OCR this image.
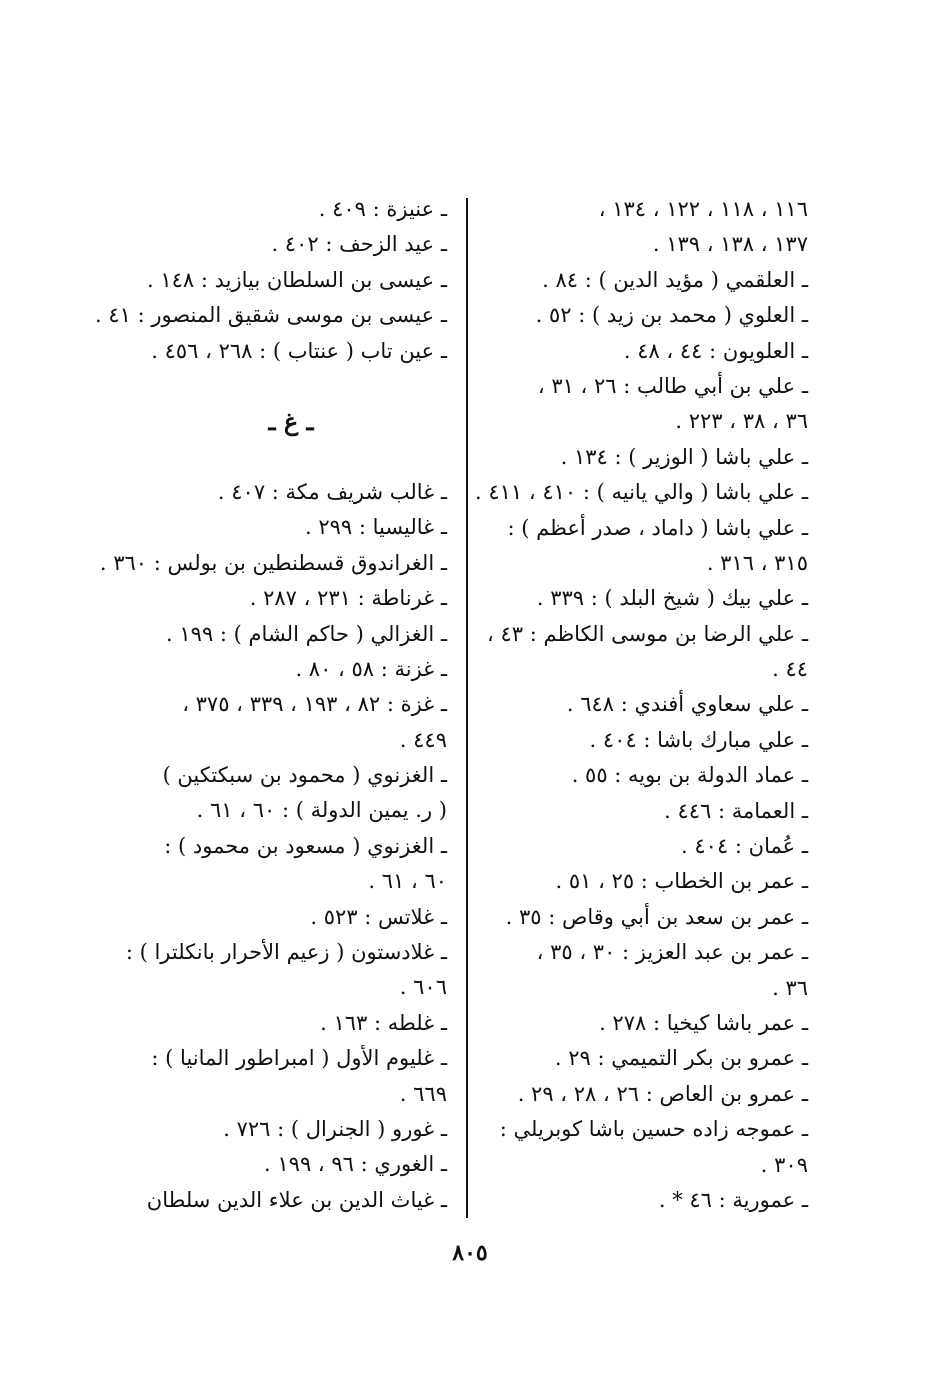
١١٦ ، ١١٨ ، ١٢٢ ، ١٣٤ ،
١٣٧ ، ١٣٨ ، ١٣٩ .
ـ العلقمي ( مؤيد الدين ) : ٨٤ .
ـ العلوي ( محمد بن زيد ) : ٥٢ .
ـ العلويون : ٤٤ ، ٤٨ .
ـ علي بن أبي طالب : ٢٦ ، ٣١ ،
٣٦ ، ٣٨ ، ٢٢٣ .
ـ علي باشا ( الوزير ) : ١٣٤ .
ـ علي باشا ( والي يانيه ) : ٤١٠ ، ٤١١ .
ـ علي باشا ( داماد ، صدر أعظم ) :
٣١٥ ، ٣١٦ .
ـ علي بيك ( شيخ البلد ) : ٣٣٩ .
ـ علي الرضا بن موسى الكاظم : ٤٣ ،
٤٤ .
ـ علي سعاوي أفندي : ٦٤٨ .
ـ علي مبارك باشا : ٤٠٤ .
ـ عماد الدولة بن بويه : ٥٥ .
ـ العمامة : ٤٤٦ .
ـ عُمان : ٤٠٤ .
ـ عمر بن الخطاب : ٢٥ ، ٥١ .
ـ عمر بن سعد بن أبي وقاص : ٣٥ .
ـ عمر بن عبد العزيز : ٣٠ ، ٣٥ ،
٣٦ .
ـ عمر باشا كيخيا : ٢٧٨ .
ـ عمرو بن بكر التميمي : ٢٩ .
ـ عمرو بن العاص : ٢٦ ، ٢٨ ، ٢٩ .
ـ عموجه زاده حسين باشا كوبريلي :
٣٠٩ .
ـ عمورية : ٤٦ * .
ـ عنيزة : ٤٠٩ .
ـ عيد الزحف : ٤٠٢ .
ـ عيسى بن السلطان بيازيد : ١٤٨ .
ـ عيسى بن موسى شقيق المنصور : ٤١ .
ـ عين تاب ( عنتاب ) : ٢٦٨ ، ٤٥٦ .
ـ غ ـ
ـ غالب شريف مكة : ٤٠٧ .
ـ غاليسيا : ٢٩٩ .
ـ الغراندوق قسطنطين بن بولس : ٣٦٠ .
ـ غرناطة : ٢٣١ ، ٢٨٧ .
ـ الغزالي ( حاكم الشام ) : ١٩٩ .
ـ غزنة : ٥٨ ، ٨٠ .
ـ غزة : ٨٢ ، ١٩٣ ، ٣٣٩ ، ٣٧٥ ،
٤٤٩ .
ـ الغزنوي ( محمود بن سبكتكين )
( ر. يمين الدولة ) : ٦٠ ، ٦١ .
ـ الغزنوي ( مسعود بن محمود ) :
٦٠ ، ٦١ .
ـ غلاتس : ٥٢٣ .
ـ غلادستون ( زعيم الأحرار بانكلترا ) :
٦٠٦ .
ـ غلطه : ١٦٣ .
ـ غليوم الأول ( امبراطور المانيا ) :
٦٦٩ .
ـ غورو ( الجنرال ) : ٧٢٦ .
ـ الغوري : ٩٦ ، ١٩٩ .
ـ غياث الدين بن علاء الدين سلطان
٨٠٥
